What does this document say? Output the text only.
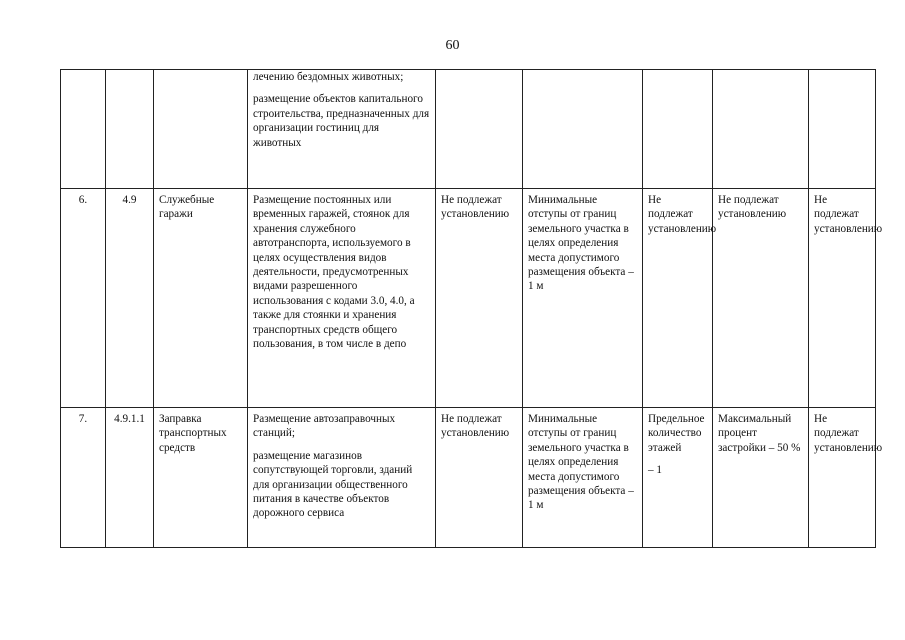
60

			лечению бездомных животных;
размещение объектов капитального строительства, предназначенных для организации гостиниц для животных					

6.	4.9	Служебные гаражи	Размещение постоянных или временных гаражей, стоянок для хранения служебного автотранспорта, используемого в целях осуществления видов деятельности, предусмотренных видами разрешенного использования с кодами 3.0, 4.0, а также для стоянки и хранения транспортных средств общего пользования, в том числе в депо	Не подлежат установлению	Минимальные отступы от границ земельного участка в целях определения места допустимого размещения объекта – 1 м	Не подлежат установлению	Не подлежат установлению	Не подлежат установлению
7.	4.9.1.1	Заправка транспортных средств	Размещение автозаправочных станций;
размещение магазинов сопутствующей торговли, зданий для организации общественного питания в качестве объектов дорожного сервиса	Не подлежат установлению	Минимальные отступы от границ земельного участка в целях определения места допустимого размещения объекта – 1 м	Предельное количество этажей
– 1	Максимальный процент застройки – 50 %	Не подлежат установлению
